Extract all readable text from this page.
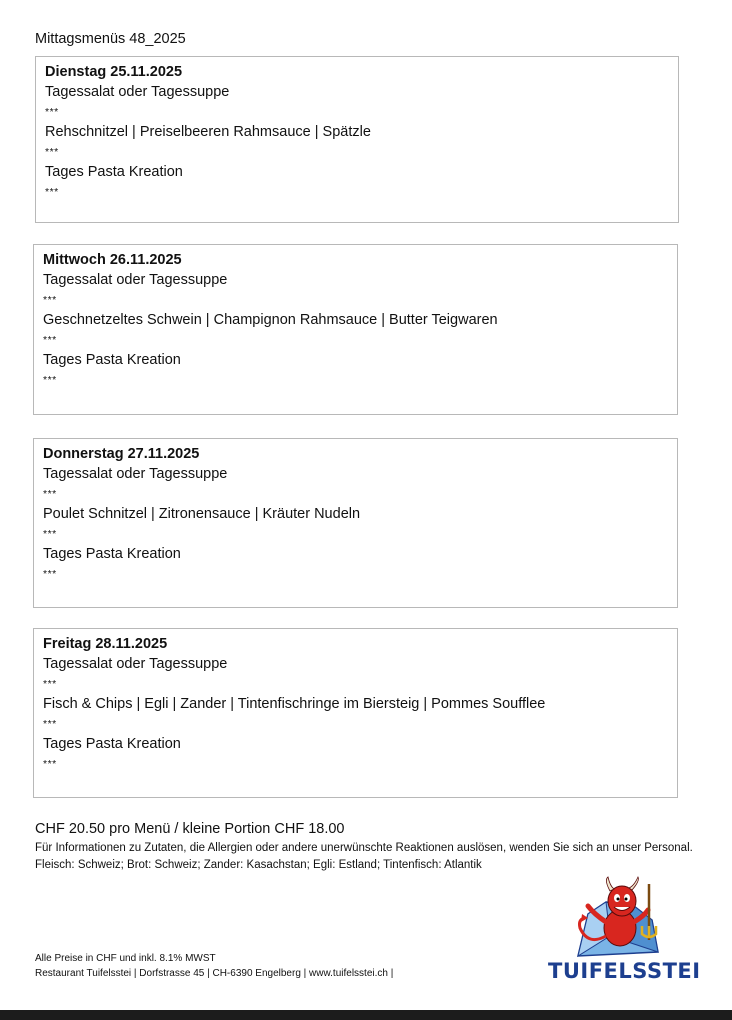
Mittagsmenüs 48_2025
Dienstag 25.11.2025
Tagessalat oder Tagessuppe
***
Rehschnitzel | Preiselbeeren Rahmsauce | Spätzle
***
Tages Pasta Kreation
***
Mittwoch 26.11.2025
Tagessalat oder Tagessuppe
***
Geschnetzeltes Schwein | Champignon Rahmsauce | Butter Teigwaren
***
Tages Pasta Kreation
***
Donnerstag 27.11.2025
Tagessalat oder Tagessuppe
***
Poulet Schnitzel | Zitronensauce | Kräuter Nudeln
***
Tages Pasta Kreation
***
Freitag 28.11.2025
Tagessalat oder Tagessuppe
***
Fisch & Chips | Egli | Zander | Tintenfischringe im Biersteig | Pommes Soufflee
***
Tages Pasta Kreation
***
CHF 20.50 pro Menü / kleine Portion CHF 18.00
Für Informationen zu Zutaten, die Allergien oder andere unerwünschte Reaktionen auslösen, wenden Sie sich an unser Personal. Fleisch: Schweiz; Brot: Schweiz; Zander: Kasachstan; Egli: Estland; Tintenfisch: Atlantik
Alle Preise in CHF und inkl. 8.1% MWST
Restaurant Tuifelsstei | Dorfstrasse 45 | CH-6390 Engelberg | www.tuifelsstei.ch |	TUIFELSSTEI
